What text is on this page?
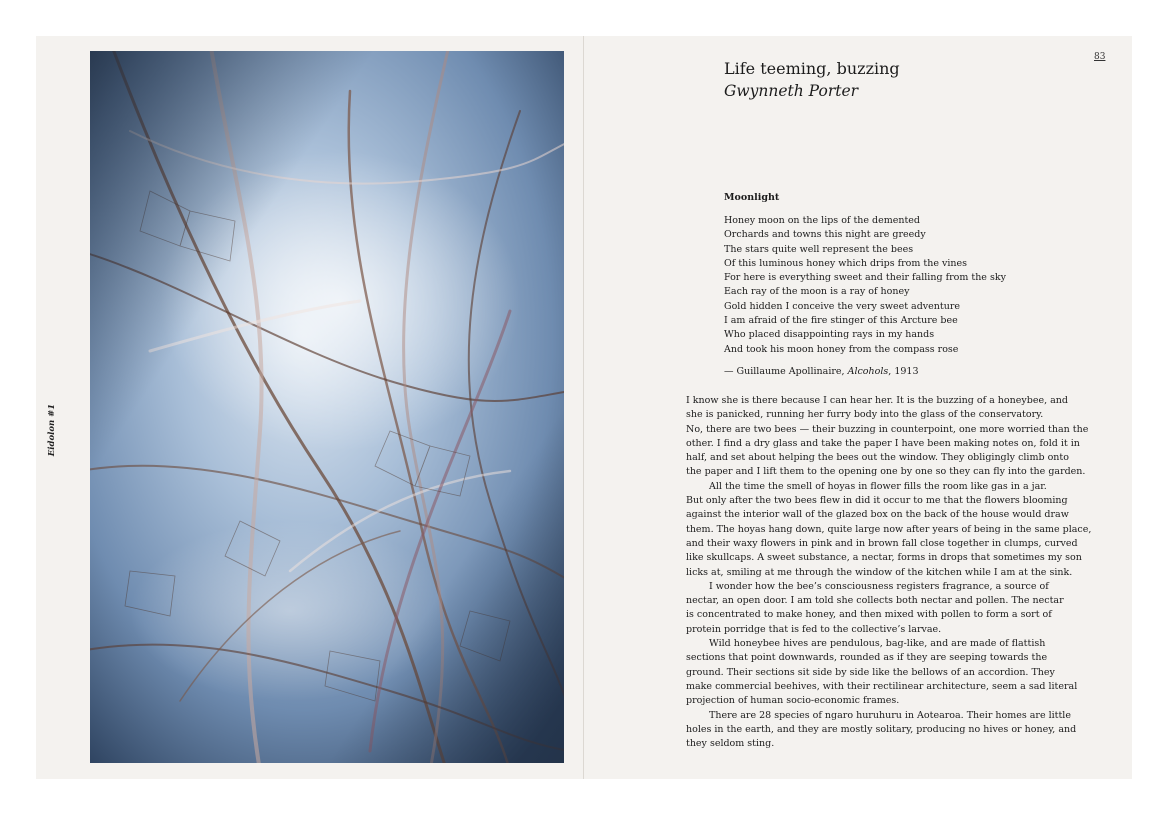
Eidolon #1
83
Life teeming, buzzing
Gwynneth Porter
Moonlight
Honey moon on the lips of the demented
Orchards and towns this night are greedy
The stars quite well represent the bees
Of this luminous honey which drips from the vines
For here is everything sweet and their falling from the sky
Each ray of the moon is a ray of honey
Gold hidden I conceive the very sweet adventure
I am afraid of the fire stinger of this Arcture bee
Who placed disappointing rays in my hands
And took his moon honey from the compass rose
— Guillaume Apollinaire, Alcohols, 1913
I know she is there because I can hear her. It is the buzzing of a honeybee, and
she is panicked, running her furry body into the glass of the conservatory.
No, there are two bees — their buzzing in counterpoint, one more worried than the
other. I find a dry glass and take the paper I have been making notes on, fold it in
half, and set about helping the bees out the window. They obligingly climb onto
the paper and I lift them to the opening one by one so they can fly into the garden.
All the time the smell of hoyas in flower fills the room like gas in a jar.
But only after the two bees flew in did it occur to me that the flowers blooming
against the interior wall of the glazed box on the back of the house would draw
them. The hoyas hang down, quite large now after years of being in the same place,
and their waxy flowers in pink and in brown fall close together in clumps, curved
like skullcaps. A sweet substance, a nectar, forms in drops that sometimes my son
licks at, smiling at me through the window of the kitchen while I am at the sink.
I wonder how the bee’s consciousness registers fragrance, a source of
nectar, an open door. I am told she collects both nectar and pollen. The nectar
is concentrated to make honey, and then mixed with pollen to form a sort of
protein porridge that is fed to the collective’s larvae.
Wild honeybee hives are pendulous, bag-like, and are made of flattish
sections that point downwards, rounded as if they are seeping towards the
ground. Their sections sit side by side like the bellows of an accordion. They
make commercial beehives, with their rectilinear architecture, seem a sad literal
projection of human socio-economic frames.
There are 28 species of ngaro huruhuru in Aotearoa. Their homes are little
holes in the earth, and they are mostly solitary, producing no hives or honey, and
they seldom sting.
